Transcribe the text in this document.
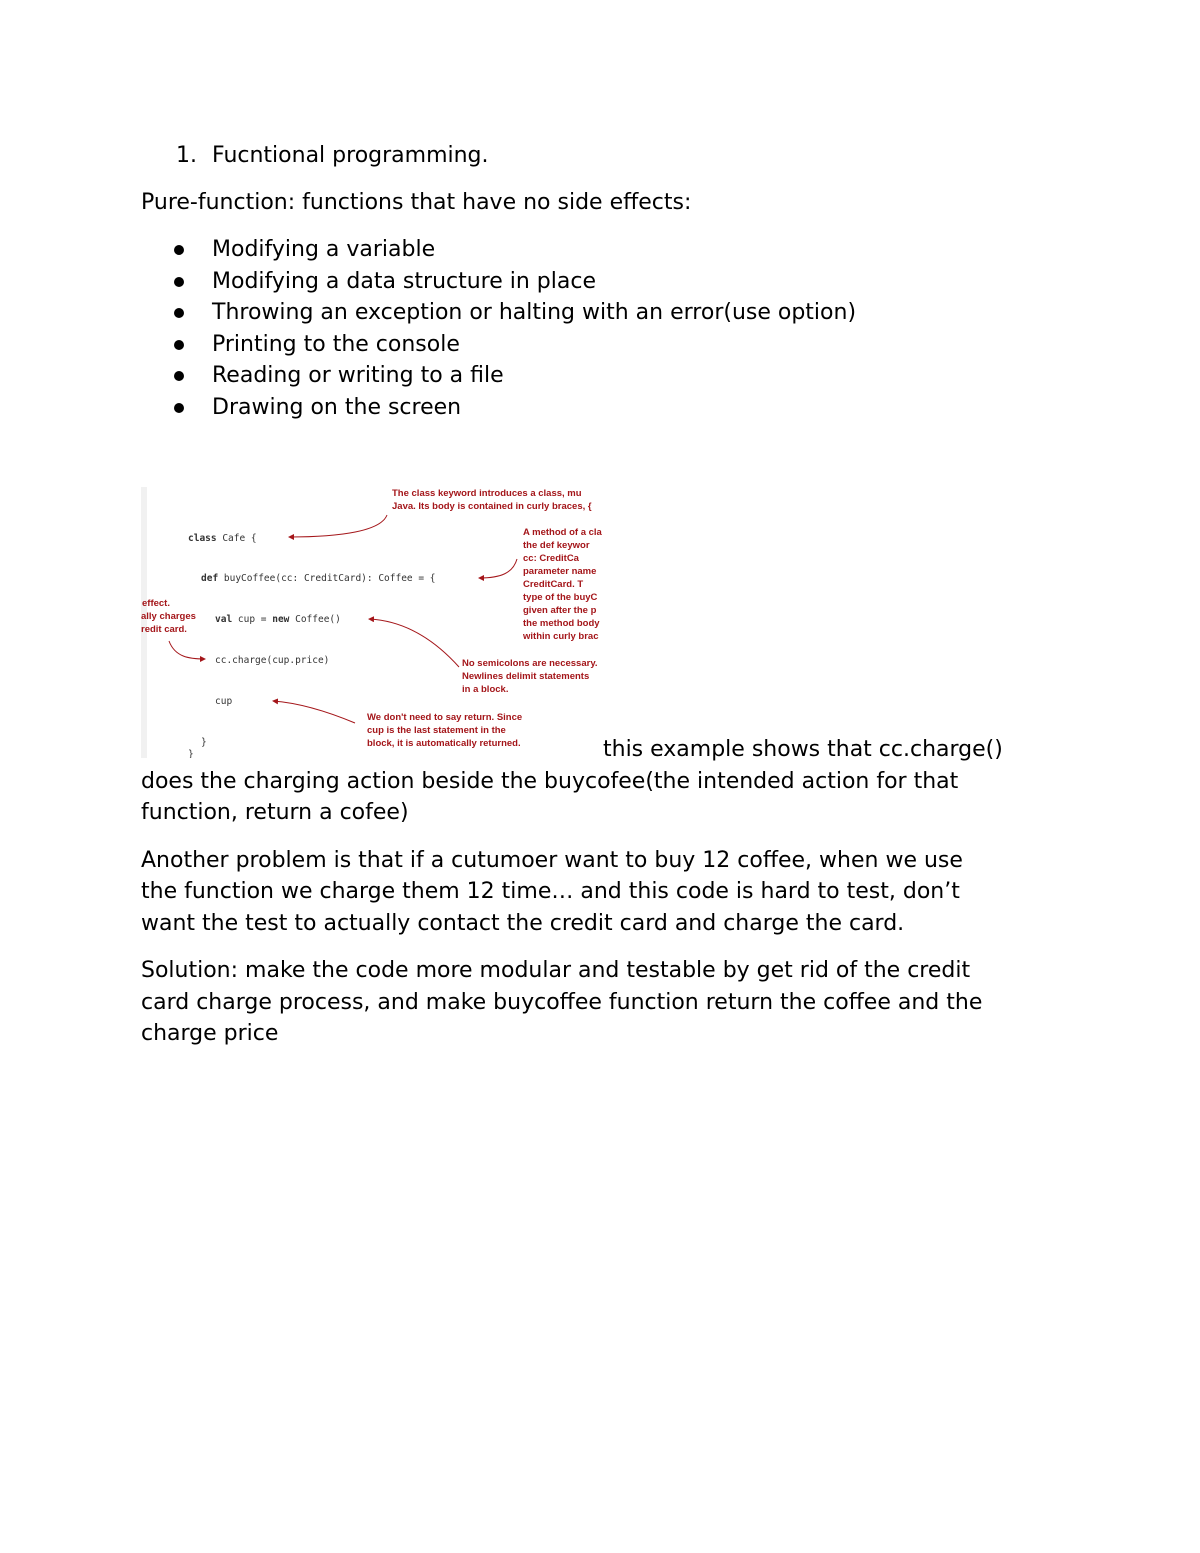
1. Fucntional programming.
Pure-function: functions that have no side effects:
Modifying a variable
Modifying a data structure in place
Throwing an exception or halting with an error(use option)
Printing to the console
Reading or writing to a file
Drawing on the screen
class Cafe {
def buyCoffee(cc: CreditCard): Coffee = {
val cup = new Coffee()
cc.charge(cup.price)
cup
}
}
The class keyword introduces a class, mu
Java. Its body is contained in curly braces, {
A method of a cla
the def keywor
cc: CreditCa
parameter name
CreditCard. T
type of the buyC
given after the p
the method body
within curly brac
effect.
ally charges
redit card.
No semicolons are necessary.
Newlines delimit statements
in a block.
We don't need to say return. Since
cup is the last statement in the
block, it is automatically returned.	this example shows that cc.charge()
does the charging action beside the buycofee(the intended action for that
function, return a cofee)
Another problem is that if a cutumoer want to buy 12 coffee, when we use
the function we charge them 12 time… and this code is hard to test, don’t
want the test to actually contact the credit card and charge the card.
Solution: make the code more modular and testable by get rid of the credit
card charge process, and make buycoffee function return the coffee and the
charge price
